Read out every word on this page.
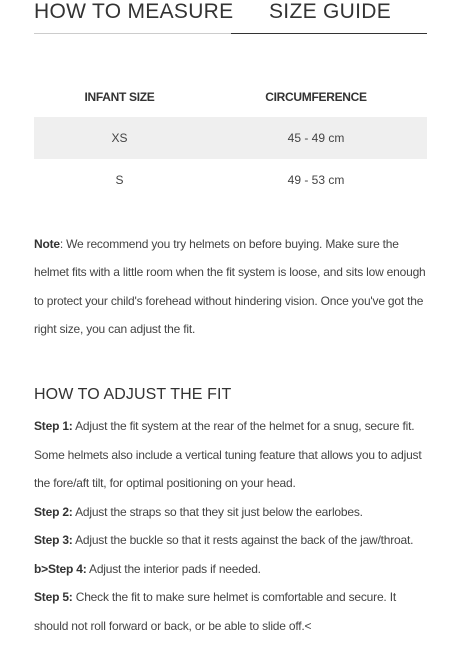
HOW TO MEASURE SIZE GUIDE
INFANT SIZE	CIRCUMFERENCE
XS	45 - 49 cm
S	49 - 53 cm
Note: We recommend you try helmets on before buying. Make sure the helmet fits with a little room when the fit system is loose, and sits low enough to protect your child's forehead without hindering vision. Once you've got the right size, you can adjust the fit.
HOW TO ADJUST THE FIT

Step 1: Adjust the fit system at the rear of the helmet for a snug, secure fit. Some helmets also include a vertical tuning feature that allows you to adjust the fore/aft tilt, for optimal positioning on your head.

Step 2: Adjust the straps so that they sit just below the earlobes.

Step 3: Adjust the buckle so that it rests against the back of the jaw/throat.

b>Step 4: Adjust the interior pads if needed.

Step 5: Check the fit to make sure helmet is comfortable and secure. It should not roll forward or back, or be able to slide off.<
